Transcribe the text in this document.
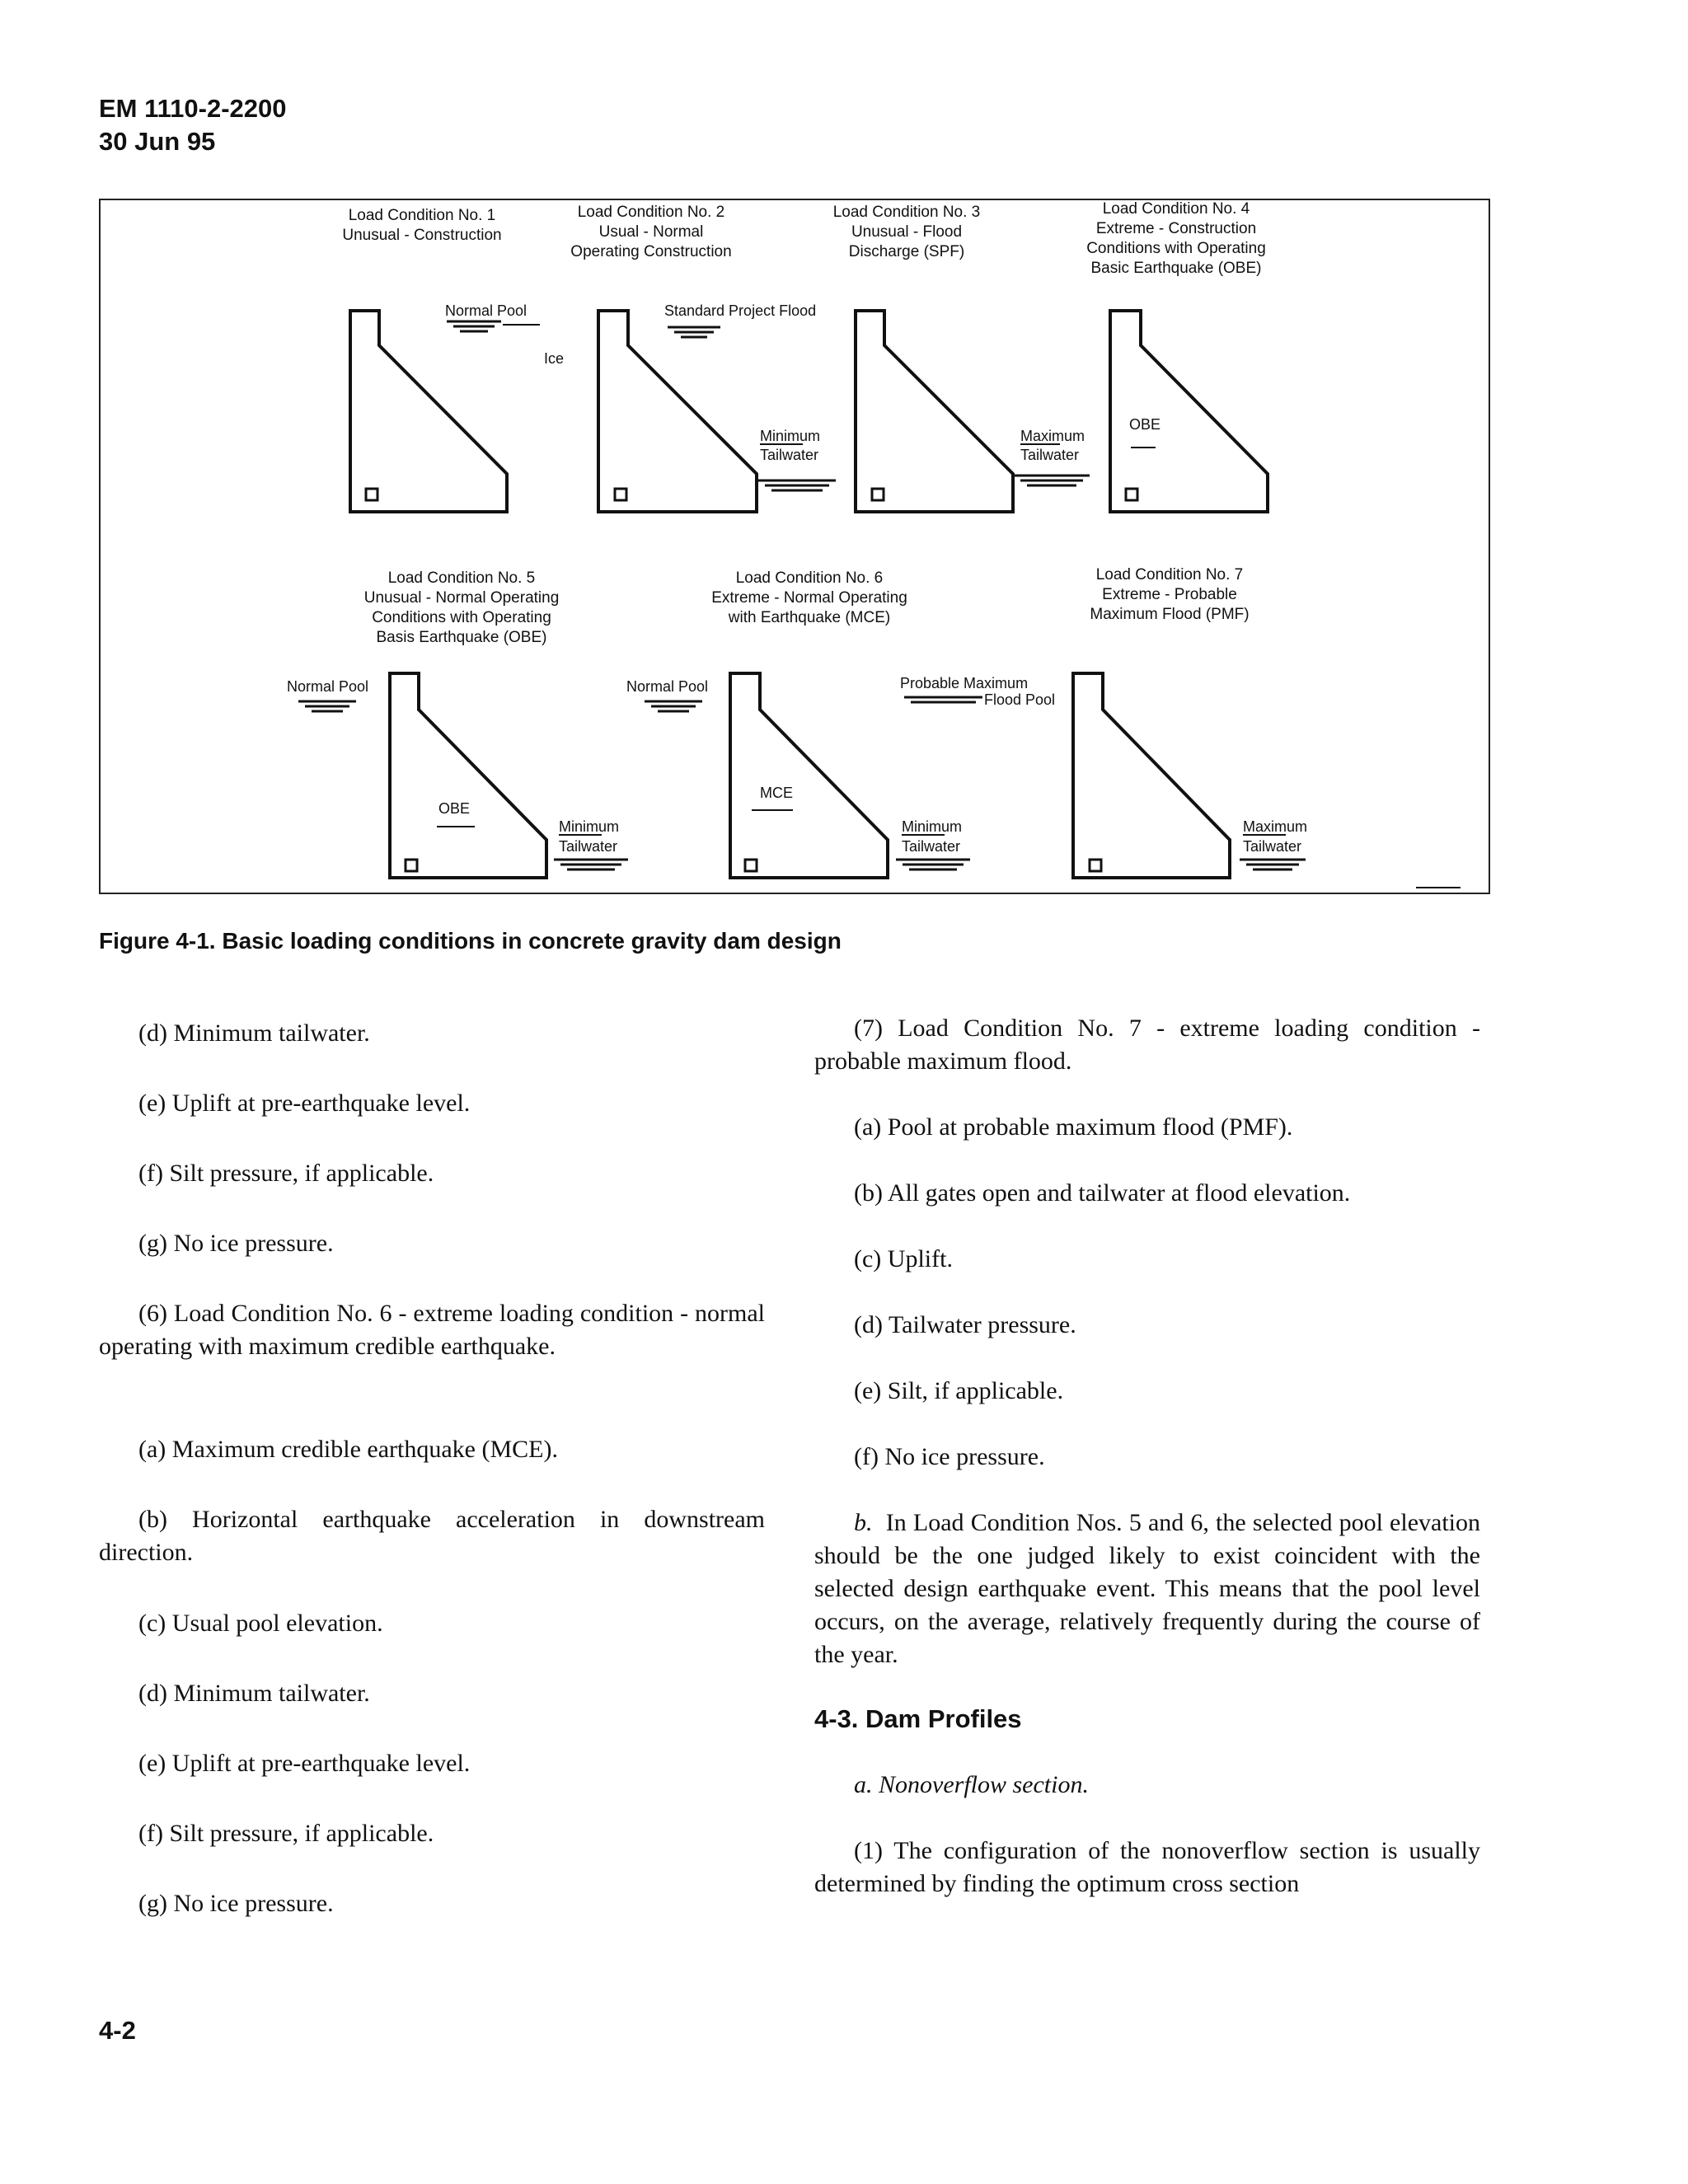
EM 1110-2-2200
30 Jun 95
Load Condition No. 1 Unusual - Construction
Load Condition No. 2 Usual - Normal Operating Construction
Load Condition No. 3 Unusual - Flood Discharge (SPF)
Load Condition No. 4 Extreme - Construction Conditions with Operating Basic Earthquake (OBE)
Load Condition No. 5 Unusual - Normal Operating Conditions with Operating Basis Earthquake (OBE)
Load Condition No. 6 Extreme - Normal Operating with Earthquake (MCE)
Load Condition No. 7 Extreme - Probable Maximum Flood (PMF)
Normal Pool
Ice
Standard Project Flood
Minimum
Tailwater
Maximum
Tailwater
OBE
Normal Pool
OBE
Minimum
Tailwater
Normal Pool
MCE
Minimum
Tailwater
Probable Maximum
Flood Pool
Maximum
Tailwater
Figure 4-1. Basic loading conditions in concrete gravity dam design
(d) Minimum tailwater.
(e) Uplift at pre-earthquake level.
(f) Silt pressure, if applicable.
(g) No ice pressure.

(6) Load Condition No. 6 - extreme loading condition - normal operating with maximum credible earthquake.

(a) Maximum credible earthquake (MCE).

(b) Horizontal earthquake acceleration in downstream direction.

(c) Usual pool elevation.
(d) Minimum tailwater.
(e) Uplift at pre-earthquake level.
(f) Silt pressure, if applicable.
(g) No ice pressure.

(7) Load Condition No. 7 - extreme loading condition - probable maximum flood.

(a) Pool at probable maximum flood (PMF).
(b) All gates open and tailwater at flood elevation.
(c) Uplift.
(d) Tailwater pressure.
(e) Silt, if applicable.
(f) No ice pressure.

b. In Load Condition Nos. 5 and 6, the selected pool elevation should be the one judged likely to exist coincident with the selected design earthquake event. This means that the pool level occurs, on the average, relatively frequently during the course of the year.

4-3. Dam Profiles
a. Nonoverflow section.

(1) The configuration of the nonoverflow section is usually determined by finding the optimum cross section

4-2
